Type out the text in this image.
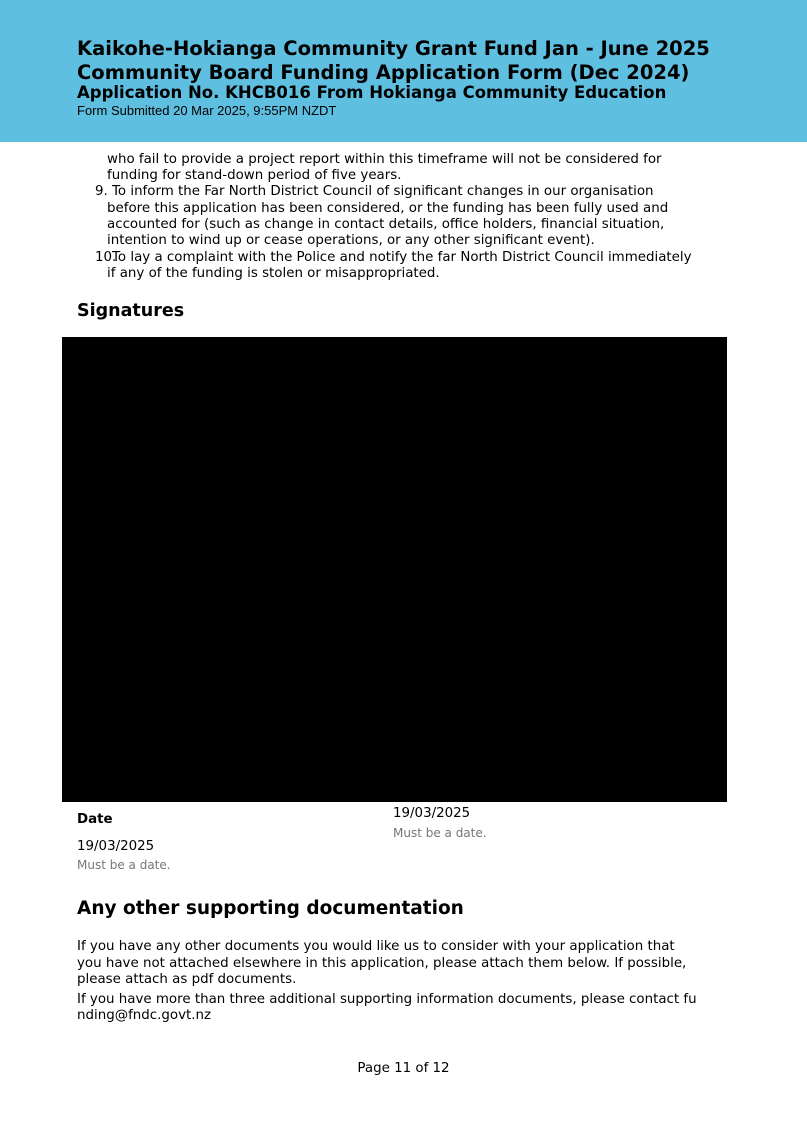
Kaikohe-Hokianga Community Grant Fund Jan - June 2025
Community Board Funding Application Form (Dec 2024)
Application No. KHCB016 From Hokianga Community Education
Form Submitted 20 Mar 2025, 9:55PM NZDT
who fail to provide a project report within this timeframe will not be considered for
funding for stand-down period of five years.
9. To inform the Far North District Council of significant changes in our organisation
before this application has been considered, or the funding has been fully used and
accounted for (such as change in contact details, office holders, financial situation,
intention to wind up or cease operations, or any other significant event).
10.
To lay a complaint with the Police and notify the far North District Council immediately
if any of the funding is stolen or misappropriated.
Signatures
19/03/2025
Must be a date.
Date
19/03/2025
Must be a date.
Any other supporting documentation
If you have any other documents you would like us to consider with your application that
you have not attached elsewhere in this application, please attach them below. If possible,
please attach as pdf documents.
If you have more than three additional supporting information documents, please contact fu
nding@fndc.govt.nz
Page 11 of 12
